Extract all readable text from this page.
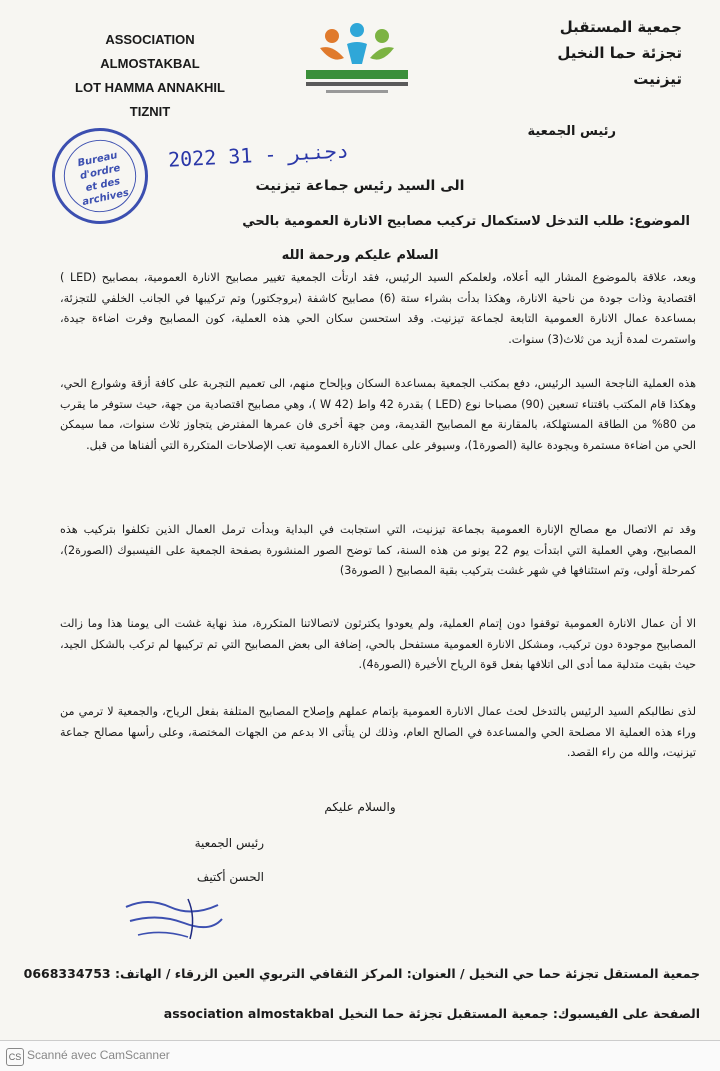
ASSOCIATION
ALMOSTAKBAL
LOT HAMMA ANNAKHIL
TIZNIT
جمعية المستقبل
تجزئة حما النخيل
تيزنيت
Bureau d'ordre et des archives
2022 دجنبر - 31
رئيس الجمعية
الى السيد رئيس جماعة تيزنيت
الموضوع: طلب التدخل لاستكمال تركيب مصابيح الانارة العمومية بالحي
السلام عليكم ورحمة الله
وبعد، علاقة بالموضوع المشار اليه أعلاه، ولعلمكم السيد الرئيس، فقد ارتأت الجمعية تغيير مصابيح الانارة العمومية، بمصابيح (LED ) اقتصادية وذات جودة من ناحية الانارة، وهكذا بدأت بشراء ستة (6) مصابيح كاشفة (بروجكتور) وتم تركيبها في الجانب الخلفي للتجزئة، بمساعدة عمال الانارة العمومية التابعة لجماعة تيزنيت. وقد استحسن سكان الحي هذه العملية، كون المصابيح وفرت اضاءة جيدة، واستمرت لمدة أزيد من ثلاث(3) سنوات.
هذه العملية الناجحة السيد الرئيس، دفع بمكتب الجمعية بمساعدة السكان وبإلحاح منهم، الى تعميم التجربة على كافة أزقة وشوارع الحي، وهكذا قام المكتب باقتناء تسعين (90) مصباحا نوع (LED ) بقدرة 42 واط (W 42 )، وهي مصابيح اقتصادية من جهة، حيث ستوفر ما يقرب من 80% من الطاقة المستهلكة، بالمقارنة مع المصابيح القديمة، ومن جهة أخرى فان عمرها المفترض يتجاوز ثلاث سنوات، مما سيمكن الحي من اضاءة مستمرة وبجودة عالية (الصورة1)، وسيوفر على عمال الانارة العمومية تعب الإصلاحات المتكررة التي ألفناها من قبل.
وقد تم الاتصال مع مصالح الإنارة العمومية بجماعة تيزنيت، التي استجابت في البداية وبدأت ترمل العمال الذين تكلفوا بتركيب هذه المصابيح، وهي العملية التي ابتدأت يوم 22 يونو من هذه السنة، كما توضح الصور المنشورة بصفحة الجمعية على الفيسبوك (الصورة2)، كمرحلة أولى، وتم استئنافها في شهر غشت بتركيب بقية المصابيح ( الصورة3)
الا أن عمال الانارة العمومية توقفوا دون إتمام العملية، ولم يعودوا يكترثون لاتصالاتنا المتكررة، منذ نهاية غشت الى يومنا هذا وما زالت المصابيح موجودة دون تركيب، ومشكل الانارة العمومية مستفحل بالحي، إضافة الى بعض المصابيح التي تم تركيبها لم تركب بالشكل الجيد، حيث بقيت متدلية مما أدى الى اتلافها بفعل قوة الرياح الأخيرة (الصورة4).
لذى نطالبكم السيد الرئيس بالتدخل لحث عمال الانارة العمومية بإتمام عملهم وإصلاح المصابيح المتلفة بفعل الرياح، والجمعية لا ترمي من وراء هذه العملية الا مصلحة الحي والمساعدة في الصالح العام، وذلك لن يتأتى الا بدعم من الجهات المختصة، وعلى رأسها مصالح جماعة تيزنيت، والله من راء القصد.
والسلام عليكم
رئيس الجمعية
الحسن أكتيف
جمعية المستقل تجزئة حما حي النخيل / العنوان: المركز الثقافي التربوي العين الزرقاء / الهاتف: 0668334753
الصفحة على الفيسبوك: جمعية المستقبل تجزئة حما النخيل association almostakbal
CS Scanné avec CamScanner
